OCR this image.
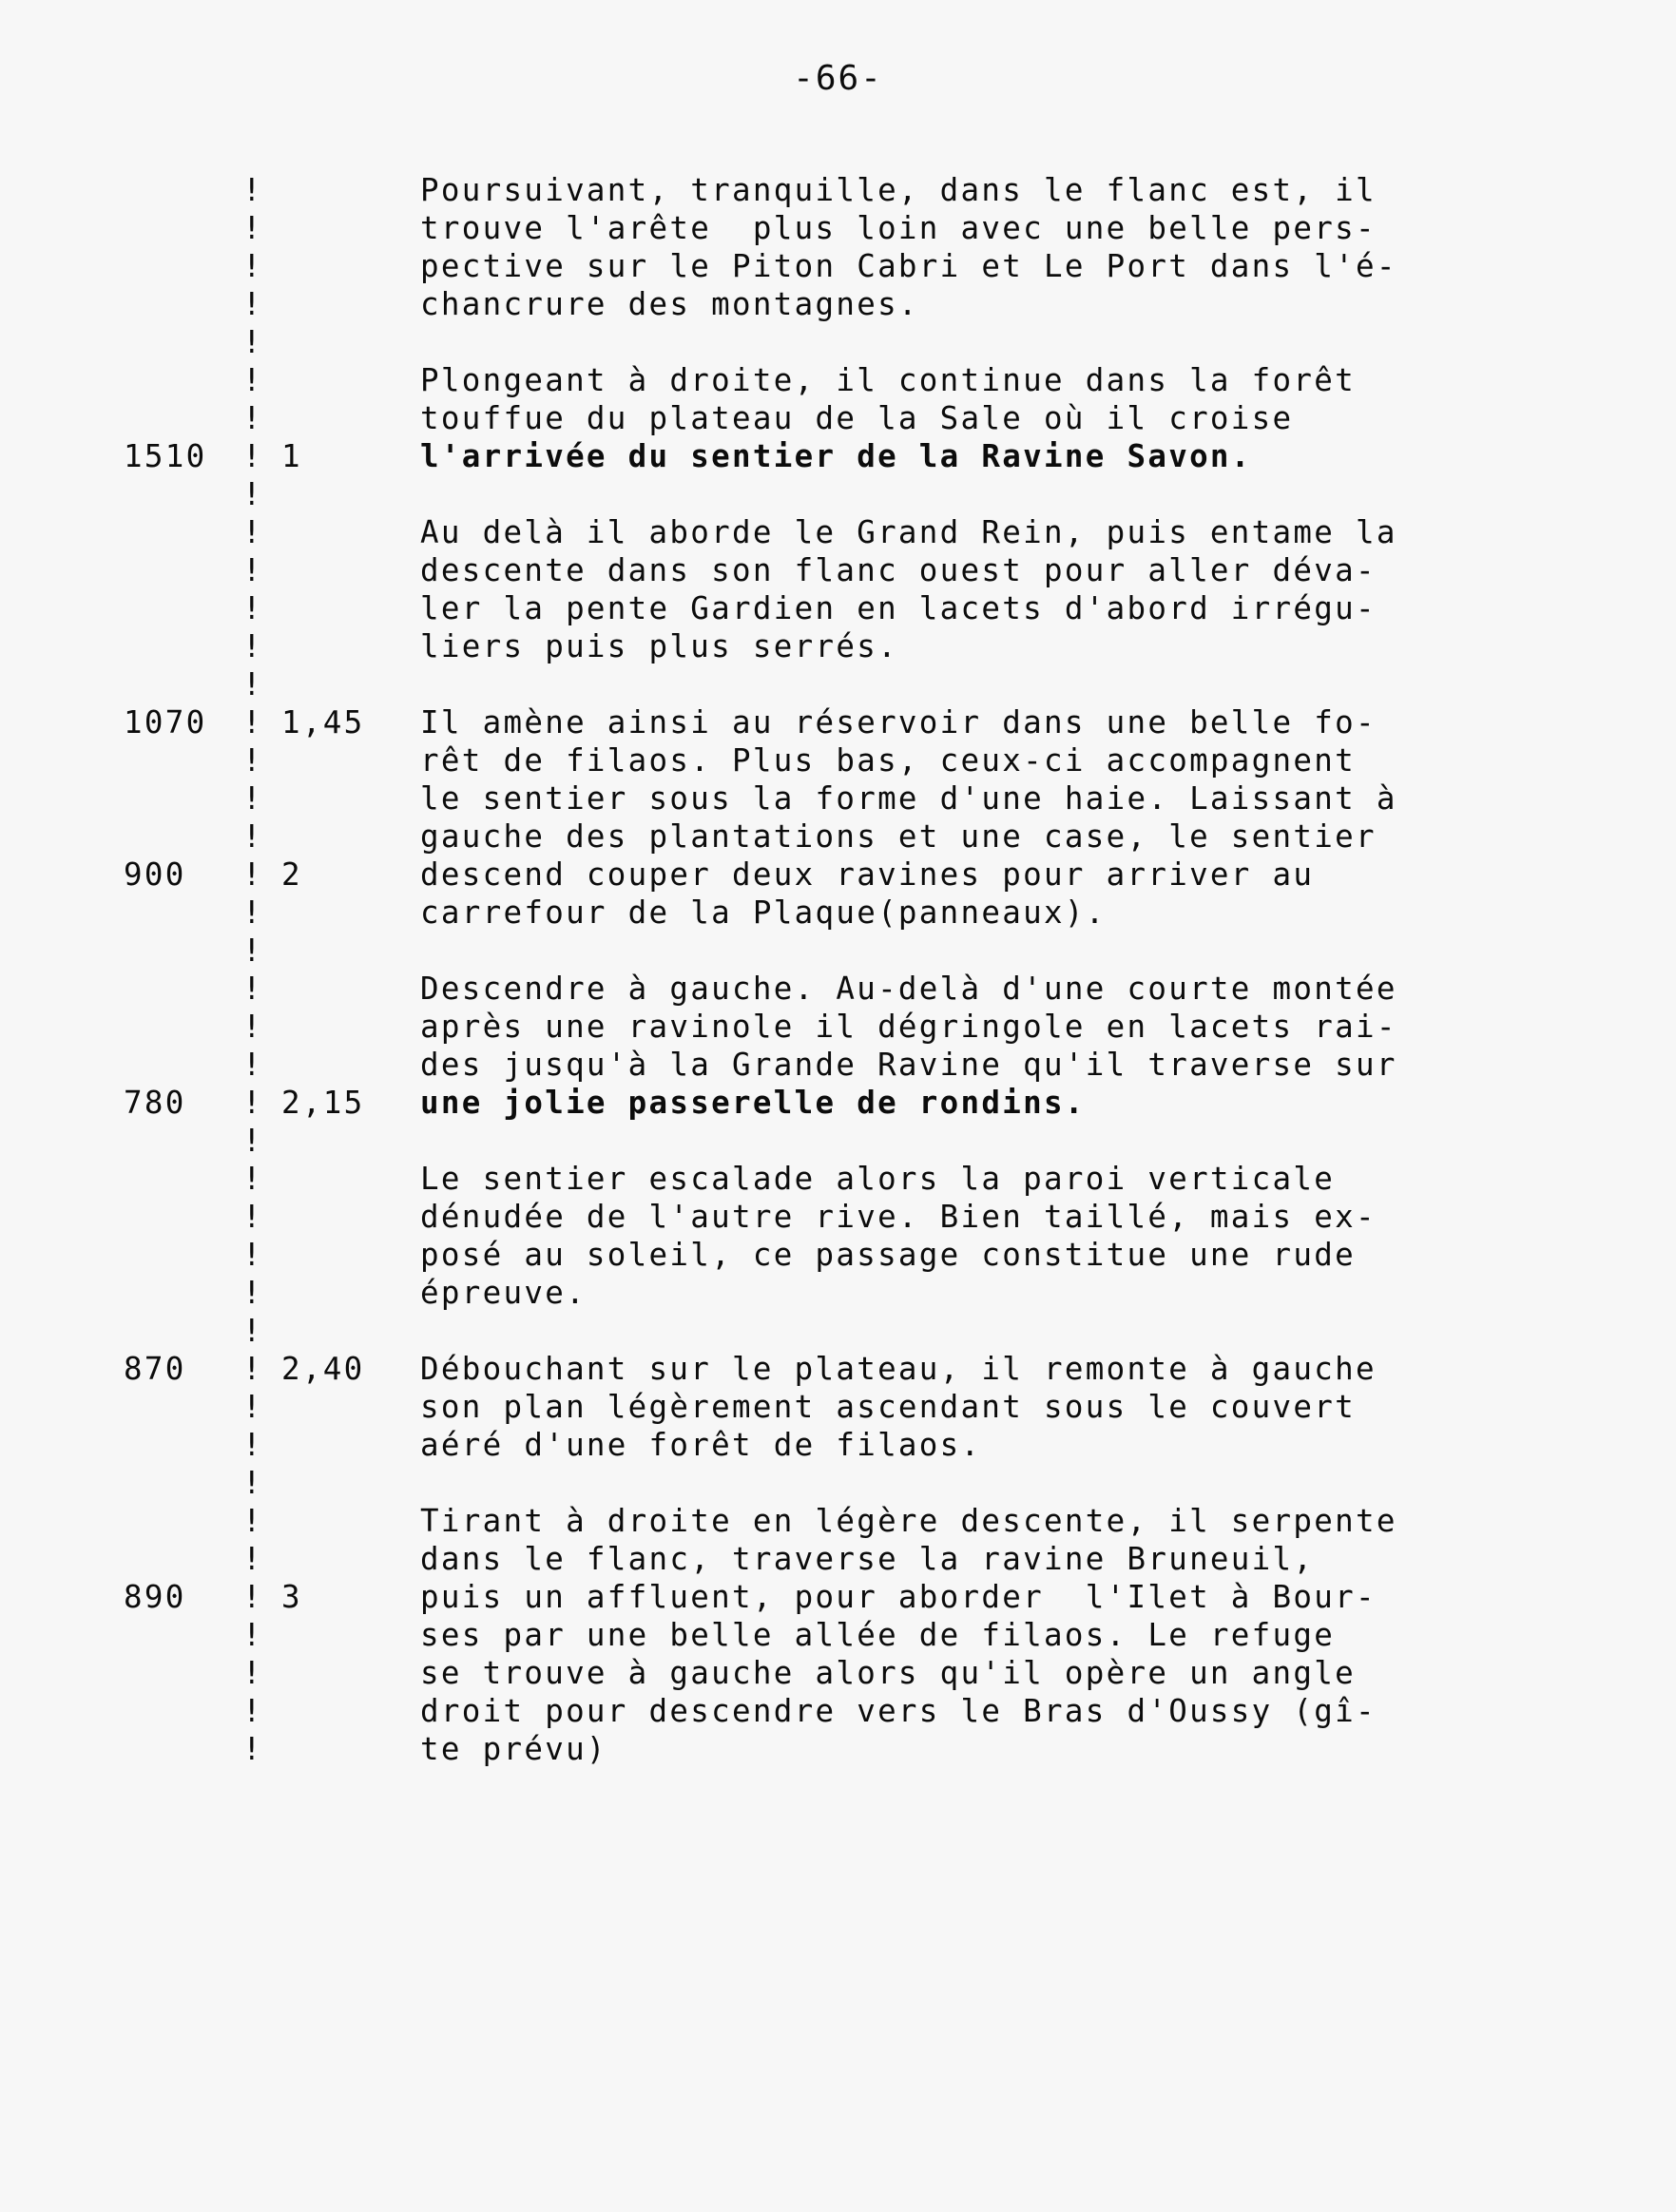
-66-
!	Poursuivant, tranquille, dans le flanc est, il
!	trouve l'arête  plus loin avec une belle pers-
!	pective sur le Piton Cabri et Le Port dans l'é-
!	chancrure des montagnes.
!
!	Plongeant à droite, il continue dans la forêt
!	touffue du plateau de la Sale où il croise
1510 ! 1	l'arrivée du sentier de la Ravine Savon.
!
!	Au delà il aborde le Grand Rein, puis entame la
!	descente dans son flanc ouest pour aller déva-
!	ler la pente Gardien en lacets d'abord irrégu-
!	liers puis plus serrés.
!
1070 ! 1,45 Il amène ainsi au réservoir dans une belle fo-
!	rêt de filaos. Plus bas, ceux-ci accompagnent
!	le sentier sous la forme d'une haie. Laissant à
!	gauche des plantations et une case, le sentier
900 ! 2	descend couper deux ravines pour arriver au
!	carrefour de la Plaque(panneaux).
!
!	Descendre à gauche. Au-delà d'une courte montée
!	après une ravinole il dégringole en lacets rai-
!	des jusqu'à la Grande Ravine qu'il traverse sur
780 ! 2,15 une jolie passerelle de rondins.
!
!	Le sentier escalade alors la paroi verticale
!	dénudée de l'autre rive. Bien taillé, mais ex-
!	posé au soleil, ce passage constitue une rude
!	épreuve.
!
870 ! 2,40 Débouchant sur le plateau, il remonte à gauche
!	son plan légèrement ascendant sous le couvert
!	aéré d'une forêt de filaos.
!
!	Tirant à droite en légère descente, il serpente
!	dans le flanc, traverse la ravine Bruneuil,
890 ! 3	puis un affluent, pour aborder  l'Ilet à Bour-
!	ses par une belle allée de filaos. Le refuge
!	se trouve à gauche alors qu'il opère un angle
!	droit pour descendre vers le Bras d'Oussy (gî-
!	te prévu)
